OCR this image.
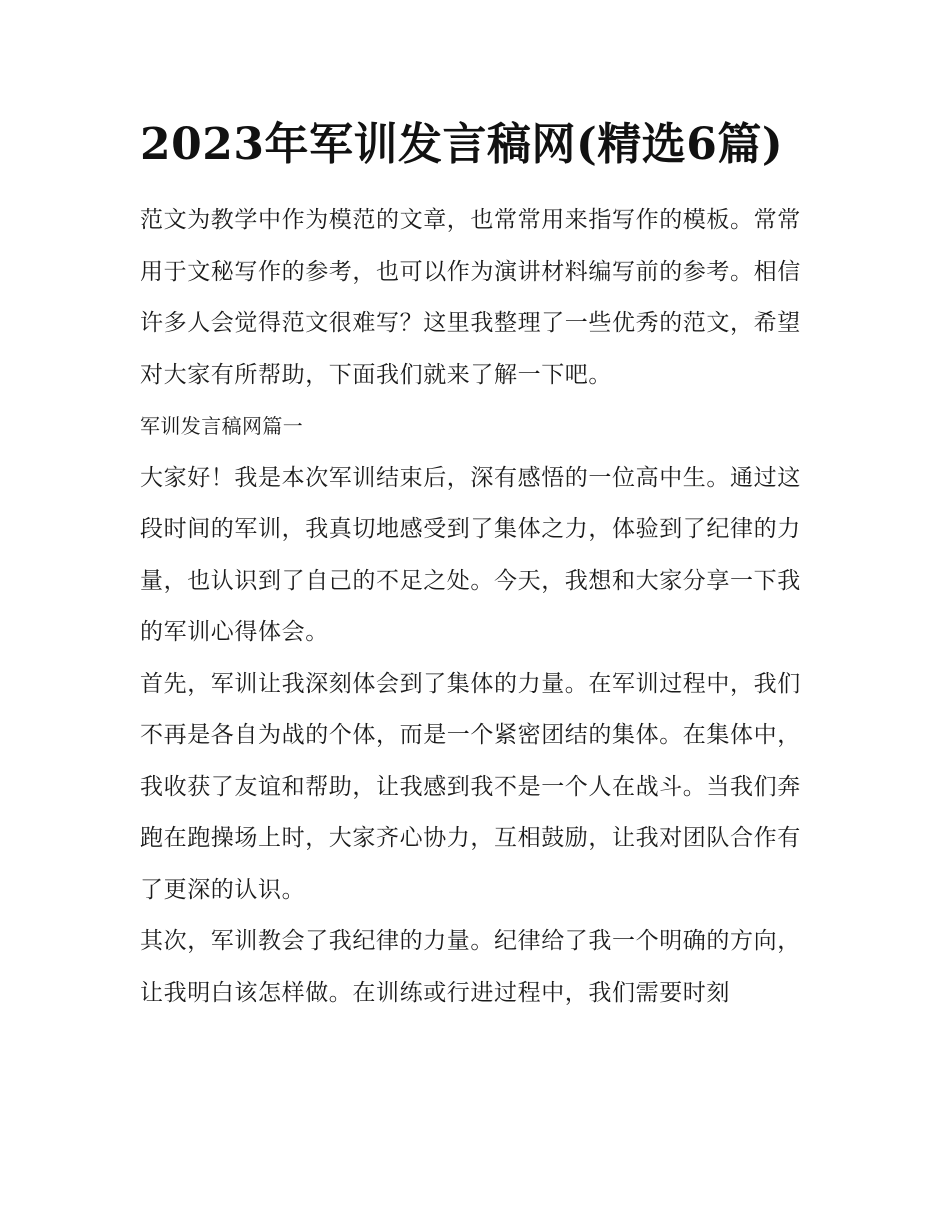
2023年军训发言稿网(精选6篇)

范文为教学中作为模范的文章，也常常用来指写作的模板。常常用于文秘写作的参考，也可以作为演讲材料编写前的参考。相信许多人会觉得范文很难写？这里我整理了一些优秀的范文，希望对大家有所帮助，下面我们就来了解一下吧。

军训发言稿网篇一

大家好！我是本次军训结束后，深有感悟的一位高中生。通过这段时间的军训，我真切地感受到了集体之力，体验到了纪律的力量，也认识到了自己的不足之处。今天，我想和大家分享一下我的军训心得体会。

首先，军训让我深刻体会到了集体的力量。在军训过程中，我们不再是各自为战的个体，而是一个紧密团结的集体。在集体中，我收获了友谊和帮助，让我感到我不是一个人在战斗。当我们奔跑在跑操场上时，大家齐心协力，互相鼓励，让我对团队合作有了更深的认识。

其次，军训教会了我纪律的力量。纪律给了我一个明确的方向，让我明白该怎样做。在训练或行进过程中，我们需要时刻
